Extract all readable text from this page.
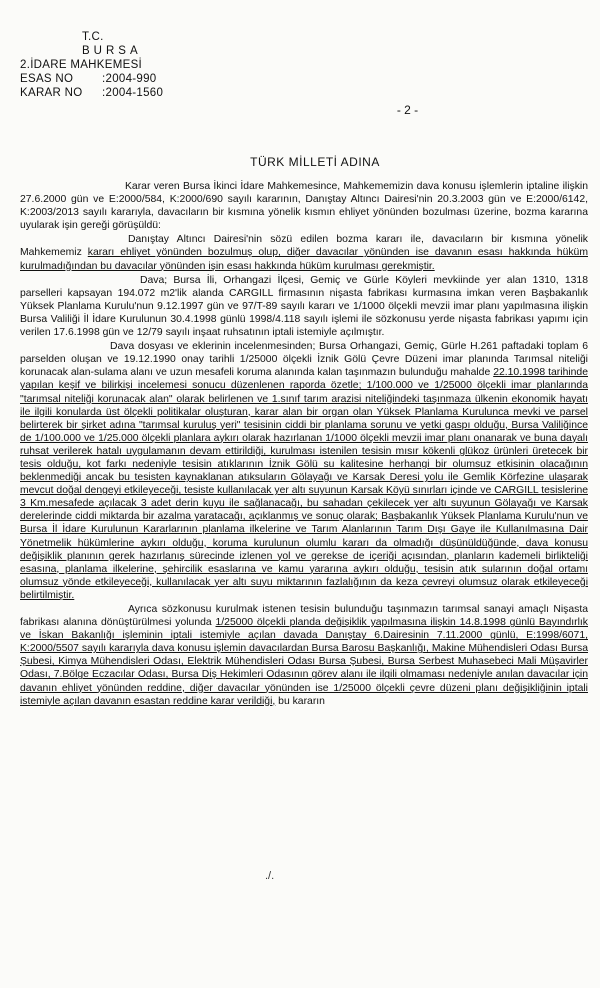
T.C.
BURSA
2.İDARE MAHKEMESİ
ESAS NO	:2004-990
KARAR NO	:2004-1560
- 2 -
TÜRK MİLLETİ ADINA

Karar veren Bursa İkinci İdare Mahkemesince, Mahkememizin dava konusu işlemlerin iptaline ilişkin 27.6.2000 gün ve E:2000/584, K:2000/690 sayılı kararının, Danıştay Altıncı Dairesi'nin 20.3.2003 gün ve E:2000/6142, K:2003/2013 sayılı kararıyla, davacıların bir kısmına yönelik kısmın ehliyet yönünden bozulması üzerine, bozma kararına uyularak işin gereği görüşüldü:

Danıştay Altıncı Dairesi'nin sözü edilen bozma kararı ile, davacıların bir kısmına yönelik Mahkememiz kararı ehliyet yönünden bozulmuş olup, diğer davacılar yönünden ise davanın esası hakkında hüküm kurulmadığından bu davacılar yönünden işin esası hakkında hüküm kurulması gerekmiştir.

Dava; Bursa İli, Orhangazi İlçesi, Gemiç ve Gürle Köyleri mevkiinde yer alan 1310, 1318 parselleri kapsayan 194.072 m2'lik alanda CARGILL firmasının nişasta fabrikası kurmasına imkan veren Başbakanlık Yüksek Planlama Kurulu'nun 9.12.1997 gün ve 97/T-89 sayılı kararı ve 1/1000 ölçekli mevzii imar planı yapılmasına ilişkin Bursa Valiliği İl İdare Kurulunun 30.4.1998 günlü 1998/4.118 sayılı işlemi ile sözkonusu yerde nişasta fabrikası yapımı için verilen 17.6.1998 gün ve 12/79 sayılı inşaat ruhsatının iptali istemiyle açılmıştır.

Dava dosyası ve eklerinin incelenmesinden; Bursa Orhangazi, Gemiç, Gürle H.261 paftadaki toplam 6 parselden oluşan ve 19.12.1990 onay tarihli 1/25000 ölçekli İznik Gölü Çevre Düzeni imar planında Tarımsal niteliği korunacak alan-sulama alanı ve uzun mesafeli koruma alanında kalan taşınmazın bulunduğu mahalde 22.10.1998 tarihinde yapılan keşif ve bilirkişi incelemesi sonucu düzenlenen raporda özetle; 1/100.000 ve 1/25000 ölçekli imar planlarında "tarımsal niteliği korunacak alan" olarak belirlenen ve 1.sınıf tarım arazisi niteliğindeki taşınmaza ülkenin ekonomik hayatı ile ilgili konularda üst ölçekli politikalar oluşturan, karar alan bir organ olan Yüksek Planlama Kurulunca mevki ve parsel belirterek bir şirket adına "tarımsal kuruluş yeri" tesisinin ciddi bir planlama sorunu ve yetki gaspı olduğu, Bursa Valiliğince de 1/100.000 ve 1/25.000 ölçekli planlara aykırı olarak hazırlanan 1/1000 ölçekli mevzii imar planı onanarak ve buna dayalı ruhsat verilerek hatalı uygulamanın devam ettirildiği, kurulması istenilen tesisin mısır kökenli glükoz ürünleri üretecek bir tesis olduğu, kot farkı nedeniyle tesisin atıklarının İznik Gölü su kalitesine herhangi bir olumsuz etkisinin olacağının beklenmediği ancak bu tesisten kaynaklanan atıksuların Gölayağı ve Karsak Deresi yolu ile Gemlik Körfezine ulaşarak mevcut doğal dengeyi etkileyeceği, tesiste kullanılacak yer altı suyunun Karsak Köyü sınırları içinde ve CARGILL tesislerine 3 Km.mesafede açılacak 3 adet derin kuyu ile sağlanacağı, bu sahadan çekilecek yer altı suyunun Gölayağı ve Karsak derelerinde ciddi miktarda bir azalma yaratacağı, açıklanmış ve sonuç olarak; Başbakanlık Yüksek Planlama Kurulu'nun ve Bursa İl İdare Kurulunun Kararlarının planlama ilkelerine ve Tarım Alanlarının Tarım Dışı Gaye ile Kullanılmasına Dair Yönetmelik hükümlerine aykırı olduğu, koruma kurulunun olumlu kararı da olmadığı düşünüldüğünde, dava konusu değişiklik planının gerek hazırlanış sürecinde izlenen yol ve gerekse de içeriği açısından, planların kademeli birlikteliği esasına, planlama ilkelerine, şehircilik esaslarına ve kamu yararına aykırı olduğu, tesisin atık sularının doğal ortamı olumsuz yönde etkileyeceği, kullanılacak yer altı suyu miktarının fazlalığının da keza çevreyi olumsuz olarak etkileyeceği belirtilmiştir.

Ayrıca sözkonusu kurulmak istenen tesisin bulunduğu taşınmazın tarımsal sanayi amaçlı Nişasta fabrikası alanına dönüştürülmesi yolunda 1/25000 ölçekli planda değişiklik yapılmasına ilişkin 14.8.1998 günlü Bayındırlık ve İskan Bakanlığı işleminin iptali istemiyle açılan davada Danıştay 6.Dairesinin 7.11.2000 günlü, E:1998/6071, K:2000/5507 sayılı kararıyla dava konusu işlemin davacılardan Bursa Barosu Başkanlığı, Makine Mühendisleri Odası Bursa Şubesi, Kimya Mühendisleri Odası, Elektrik Mühendisleri Odası Bursa Şubesi, Bursa Serbest Muhasebeci Mali Müşavirler Odası, 7.Bölge Eczacılar Odası, Bursa Diş Hekimleri Odasının görev alanı ile ilgili olmaması nedeniyle anılan davacılar için davanın ehliyet yönünden reddine, diğer davacılar yönünden ise 1/25000 ölçekli çevre düzeni planı değişikliğinin iptali istemiyle açılan davanın esastan reddine karar verildiği, bu kararın

./.
